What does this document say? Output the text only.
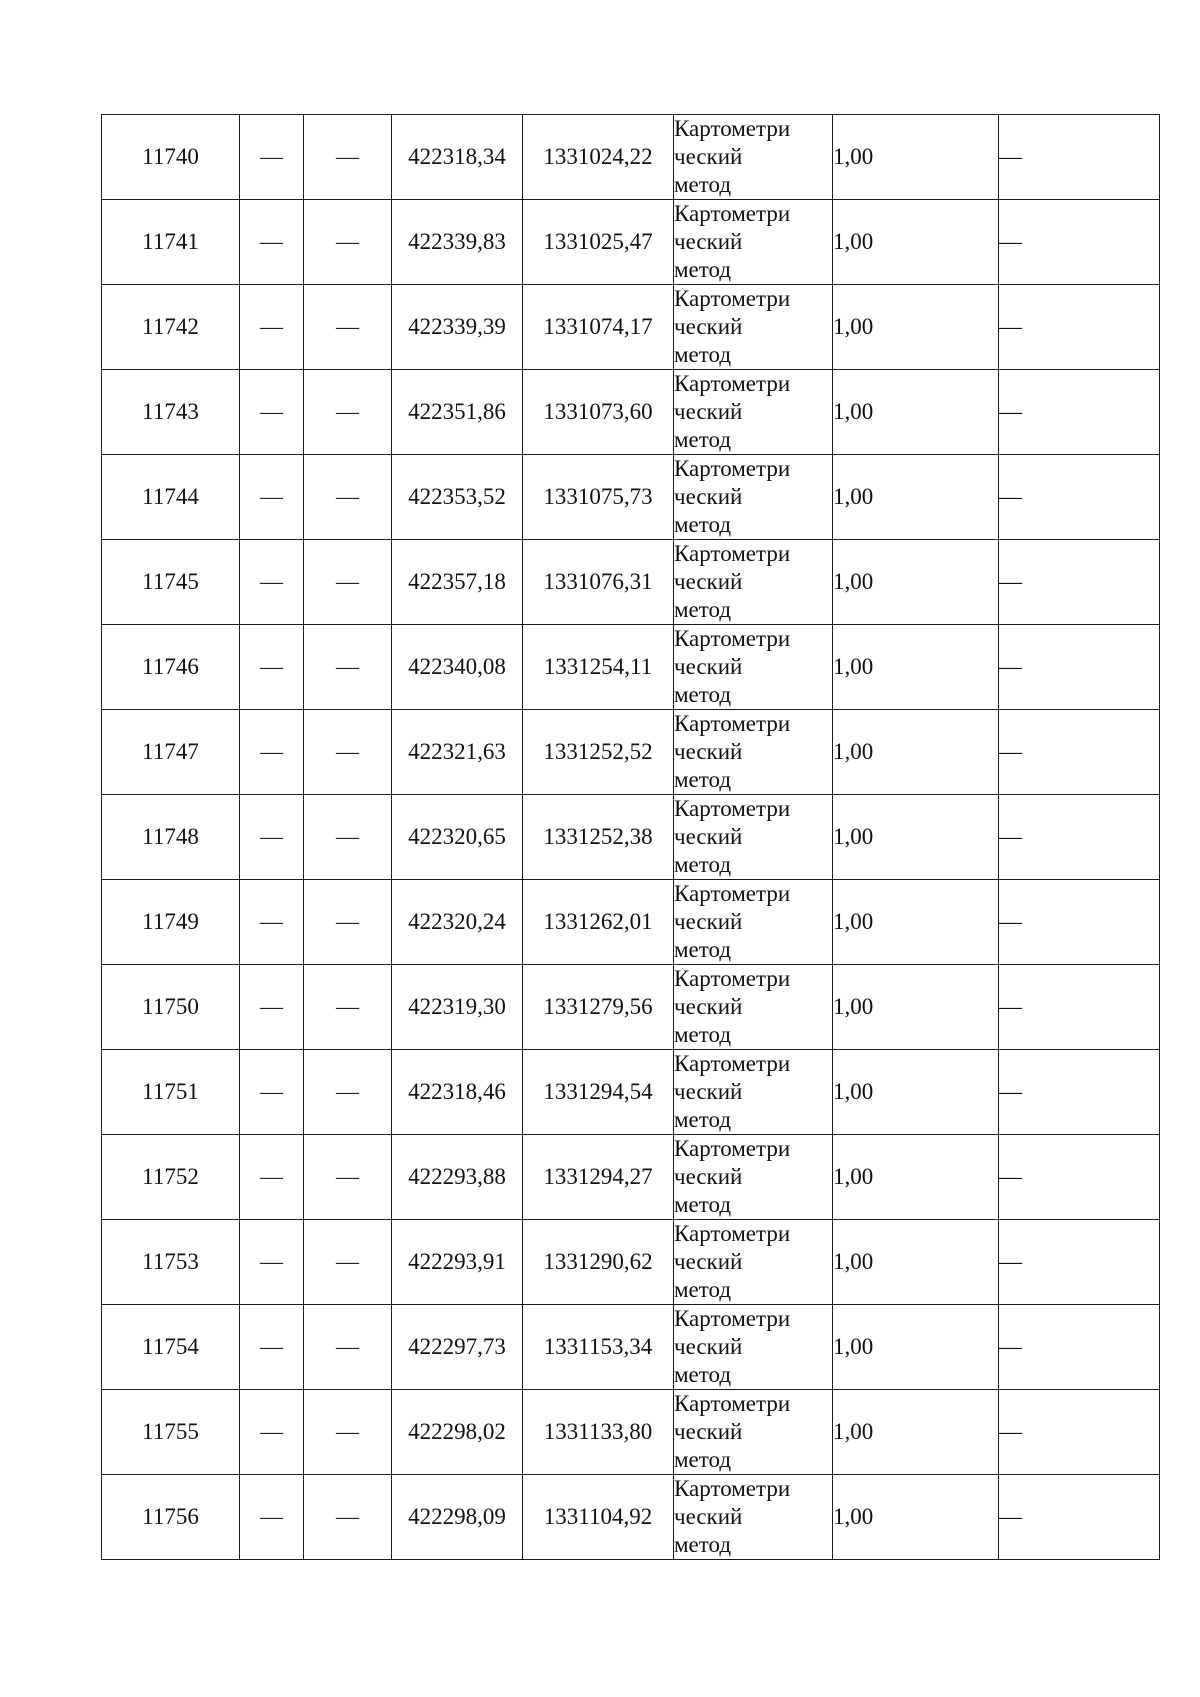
11740	—	—	422318,34	1331024,22	Картометри
ческий
метод	1,00	—
11741	—	—	422339,83	1331025,47	Картометри
ческий
метод	1,00	—
11742	—	—	422339,39	1331074,17	Картометри
ческий
метод	1,00	—
11743	—	—	422351,86	1331073,60	Картометри
ческий
метод	1,00	—
11744	—	—	422353,52	1331075,73	Картометри
ческий
метод	1,00	—
11745	—	—	422357,18	1331076,31	Картометри
ческий
метод	1,00	—
11746	—	—	422340,08	1331254,11	Картометри
ческий
метод	1,00	—
11747	—	—	422321,63	1331252,52	Картометри
ческий
метод	1,00	—
11748	—	—	422320,65	1331252,38	Картометри
ческий
метод	1,00	—
11749	—	—	422320,24	1331262,01	Картометри
ческий
метод	1,00	—
11750	—	—	422319,30	1331279,56	Картометри
ческий
метод	1,00	—
11751	—	—	422318,46	1331294,54	Картометри
ческий
метод	1,00	—
11752	—	—	422293,88	1331294,27	Картометри
ческий
метод	1,00	—
11753	—	—	422293,91	1331290,62	Картометри
ческий
метод	1,00	—
11754	—	—	422297,73	1331153,34	Картометри
ческий
метод	1,00	—
11755	—	—	422298,02	1331133,80	Картометри
ческий
метод	1,00	—
11756	—	—	422298,09	1331104,92	Картометри
ческий
метод	1,00	—
